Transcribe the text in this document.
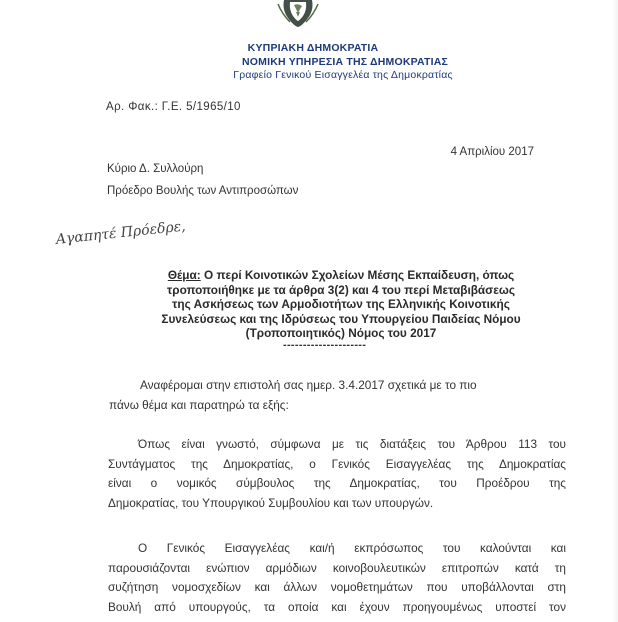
ΚΥΠΡΙΑΚΗ ΔΗΜΟΚΡΑΤΙΑ
ΝΟΜΙΚΗ ΥΠΗΡΕΣΙΑ ΤΗΣ ΔΗΜΟΚΡΑΤΙΑΣ
Γραφείο Γενικού Εισαγγελέα της Δημοκρατίας
Αρ. Φακ.: Γ.Ε. 5/1965/10
4 Απριλίου 2017
Κύριο Δ. Συλλούρη
Πρόεδρο Βουλής των Αντιπροσώπων
Αγαπητέ Πρόεδρε,
Θέμα: Ο περί Κοινοτικών Σχολείων Μέσης Εκπαίδευση, όπως
τροποποιήθηκε με τα άρθρα 3(2) και 4 του περί Μεταβιβάσεως
της Ασκήσεως των Αρμοδιοτήτων της Ελληνικής Κοινοτικής
Συνελεύσεως και της Ιδρύσεως του Υπουργείου Παιδείας Νόμου
(Τροποποιητικός) Νόμος του 2017
---------------------
Αναφέρομαι στην επιστολή σας ημερ. 3.4.2017 σχετικά με το πιο
πάνω θέμα και παρατηρώ τα εξής:
Όπως είναι γνωστό, σύμφωνα με τις διατάξεις του Άρθρου 113 του
Συντάγματος της Δημοκρατίας, ο Γενικός Εισαγγελέας της Δημοκρατίας
είναι ο νομικός σύμβουλος της Δημοκρατίας, του Προέδρου της
Δημοκρατίας, του Υπουργικού Συμβουλίου και των υπουργών.
Ο Γενικός Εισαγγελέας και/ή εκπρόσωπος του καλούνται και
παρουσιάζονται ενώπιον αρμόδιων κοινοβουλευτικών επιτροπών κατά τη
συζήτηση νομοσχεδίων και άλλων νομοθετημάτων που υποβάλλονται στη
Βουλή από υπουργούς, τα οποία και έχουν προηγουμένως υποστεί τον
